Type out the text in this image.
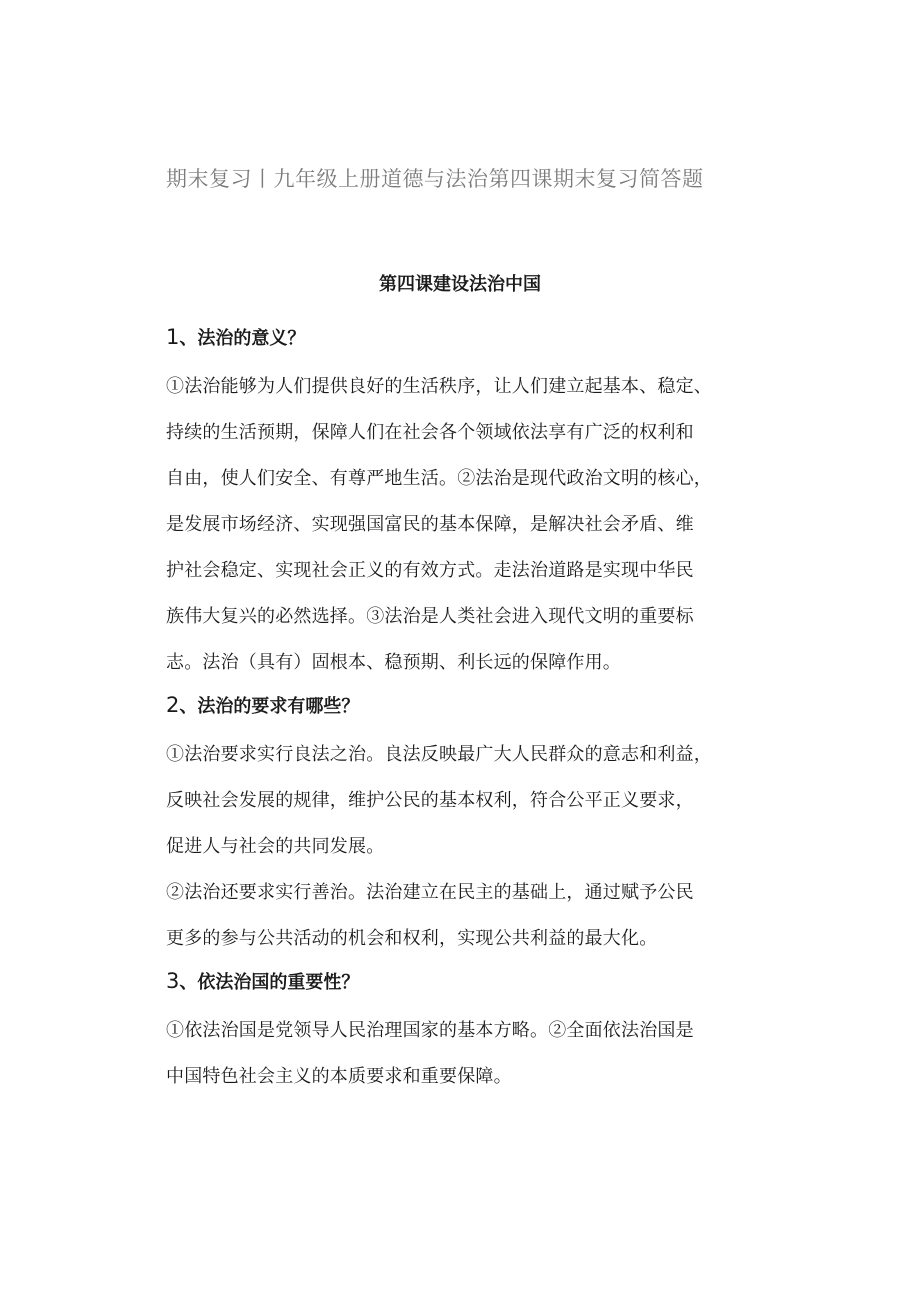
期末复习丨九年级上册道德与法治第四课期末复习简答题
第四课建设法治中国
1、法治的意义？
①法治能够为人们提供良好的生活秩序，让人们建立起基本、稳定、
持续的生活预期，保障人们在社会各个领域依法享有广泛的权利和
自由，使人们安全、有尊严地生活。②法治是现代政治文明的核心，
是发展市场经济、实现强国富民的基本保障，是解决社会矛盾、维
护社会稳定、实现社会正义的有效方式。走法治道路是实现中华民
族伟大复兴的必然选择。③法治是人类社会进入现代文明的重要标
志。法治（具有）固根本、稳预期、利长远的保障作用。
2、法治的要求有哪些？
①法治要求实行良法之治。良法反映最广大人民群众的意志和利益，
反映社会发展的规律，维护公民的基本权利，符合公平正义要求，
促进人与社会的共同发展。
②法治还要求实行善治。法治建立在民主的基础上，通过赋予公民
更多的参与公共活动的机会和权利，实现公共利益的最大化。
3、依法治国的重要性？
①依法治国是党领导人民治理国家的基本方略。②全面依法治国是
中国特色社会主义的本质要求和重要保障。
